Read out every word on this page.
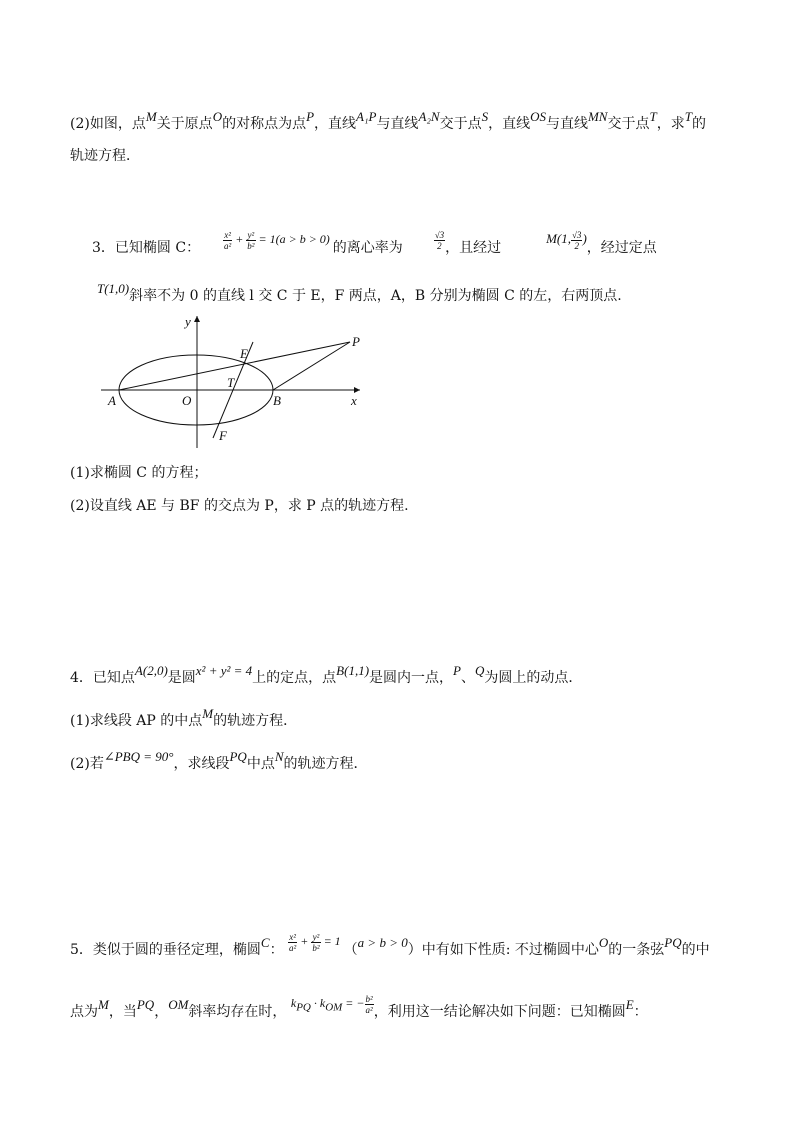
(2)如图，点M关于原点O的对称点为点P，直线A₁P与直线A₂N交于点S，直线OS与直线MN交于点T，求T的
轨迹方程．
3．已知椭圆 C：	$\frac{\text{x²}}{\text{a²}} + \frac{\text{y²}}{\text{b²}} = 1(a > b > 0)$ 的离心率为	$\frac{√3}{2}$ ，且经过  M(1, $\frac{√3}{2}$ )，经过定点
T(1,0)斜率不为 0 的直线 l 交 C 于 E，F 两点，A，B 分别为椭圆 C 的左，右两顶点.
y
x
O
A	B
E
T
F
P
(1)求椭圆 C 的方程；
(2)设直线 AE 与 BF 的交点为 P，求 P 点的轨迹方程.
4．已知点A(2,0)是圆x² + y² = 4上的定点，点B(1,1)是圆内一点，P、Q为圆上的动点．
(1)求线段 AP 的中点M的轨迹方程．
(2)若∠PBQ = 90°，求线段PQ中点N的轨迹方程．
5．类似于圆的垂径定理，椭圆C： $\frac{\text{x²}}{\text{a²}} + \frac{\text{y²}}{\text{b²}} = 1$ （a > b > 0）中有如下性质: 不过椭圆中心O的一条弦PQ的中
点为M，当PQ，OM斜率均存在时， $k_{PQ} \cdot k_{OM}$ = − $\frac{\text{b²}}{\text{a²}}$ ，利用这一结论解决如下问题：已知椭圆E：
